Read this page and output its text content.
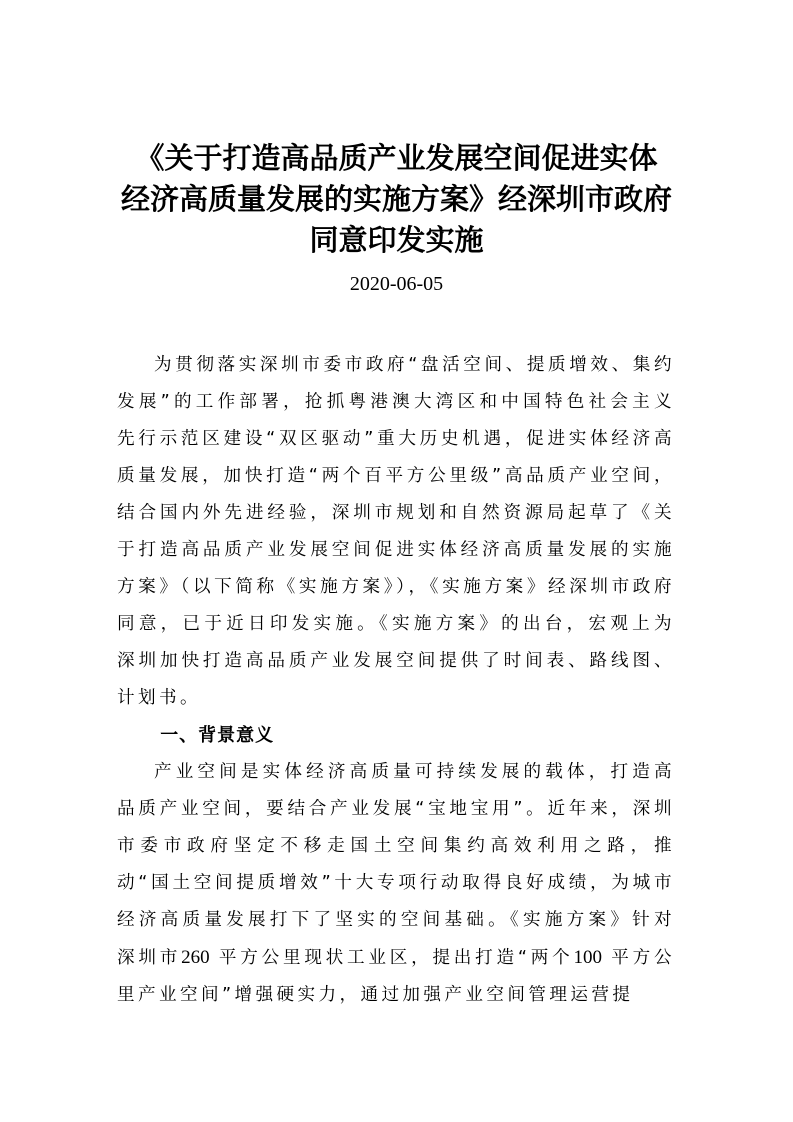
《关于打造高品质产业发展空间促进实体
经济高质量发展的实施方案》经深圳市政府
同意印发实施
2020-06-05

为贯彻落实深圳市委市政府“盘活空间、提质增效、集约发展”的工作部署，抢抓粤港澳大湾区和中国特色社会主义先行示范区建设“双区驱动”重大历史机遇，促进实体经济高质量发展，加快打造“两个百平方公里级”高品质产业空间，结合国内外先进经验，深圳市规划和自然资源局起草了《关于打造高品质产业发展空间促进实体经济高质量发展的实施方案》（以下简称《实施方案》），《实施方案》经深圳市政府同意，已于近日印发实施。《实施方案》的出台，宏观上为深圳加快打造高品质产业发展空间提供了时间表、路线图、计划书。

一、背景意义

产业空间是实体经济高质量可持续发展的载体，打造高品质产业空间，要结合产业发展“宝地宝用”。近年来，深圳市委市政府坚定不移走国土空间集约高效利用之路，推动“国土空间提质增效”十大专项行动取得良好成绩，为城市经济高质量发展打下了坚实的空间基础。《实施方案》针对深圳市260 平方公里现状工业区，提出打造“两个100 平方公里产业空间”增强硬实力，通过加强产业空间管理运营提
